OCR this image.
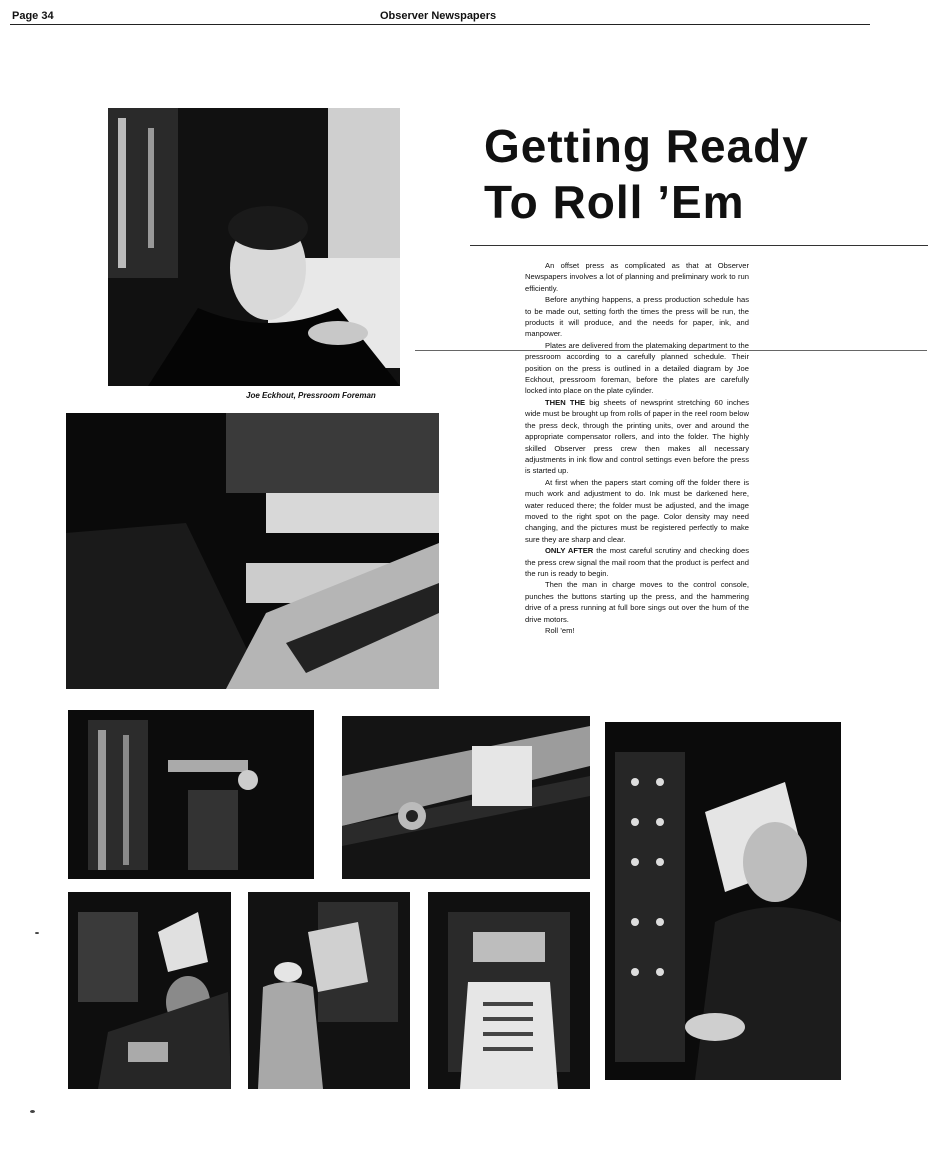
Page 34	Observer Newspapers
Joe Eckhout, Pressroom Foreman
Getting Ready
To Roll ’Em

An offset press as complicated as that at Observer Newspapers involves a lot of planning and preliminary work to run efficiently.

Before anything happens, a press production schedule has to be made out, setting forth the times the press will be run, the products it will produce, and the needs for paper, ink, and manpower.

Plates are delivered from the platemaking department to the pressroom according to a carefully planned schedule. Their position on the press is outlined in a detailed diagram by Joe Eckhout, pressroom foreman, before the plates are carefully locked into place on the plate cylinder.

THEN THE big sheets of newsprint stretching 60 inches wide must be brought up from rolls of paper in the reel room below the press deck, through the printing units, over and around the appropriate compensator rollers, and into the folder. The highly skilled Observer press crew then makes all necessary adjustments in ink flow and control settings even before the press is started up.

At first when the papers start coming off the folder there is much work and adjustment to do. Ink must be darkened here, water reduced there; the folder must be adjusted, and the image moved to the right spot on the page. Color density may need changing, and the pictures must be registered perfectly to make sure they are sharp and clear.

ONLY AFTER the most careful scrutiny and checking does the press crew signal the mail room that the product is perfect and the run is ready to begin.

Then the man in charge moves to the control console, punches the buttons starting up the press, and the hammering drive of a press running at full bore sings out over the hum of the drive motors.

Roll ’em!
